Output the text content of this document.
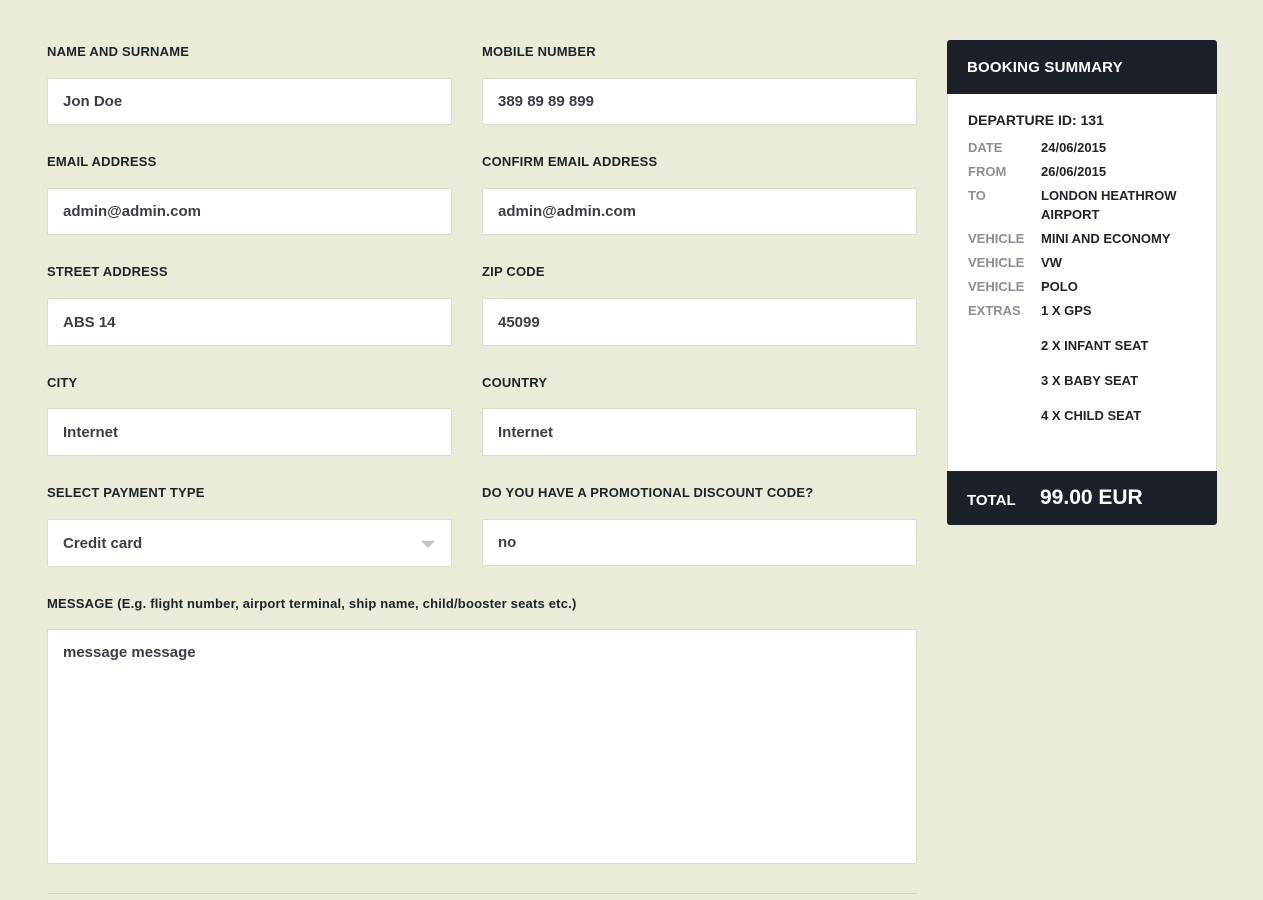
NAME AND SURNAME
Jon Doe
MOBILE NUMBER
389 89 89 899
EMAIL ADDRESS
admin@admin.com
CONFIRM EMAIL ADDRESS
admin@admin.com
STREET ADDRESS
ABS 14
ZIP CODE
45099
CITY
Internet
COUNTRY
Internet
SELECT PAYMENT TYPE
Credit card
DO YOU HAVE A PROMOTIONAL DISCOUNT CODE?
no
MESSAGE (E.g. flight number, airport terminal, ship name, child/booster seats etc.)
message message
BOOKING SUMMARY
DEPARTURE ID: 131
DATE	24/06/2015
FROM	26/06/2015
TO	LONDON HEATHROW AIRPORT
VEHICLE	MINI AND ECONOMY
VEHICLE	VW
VEHICLE	POLO
EXTRAS	1 X GPS
2 X INFANT SEAT
3 X BABY SEAT
4 X CHILD SEAT
TOTAL	99.00 EUR
